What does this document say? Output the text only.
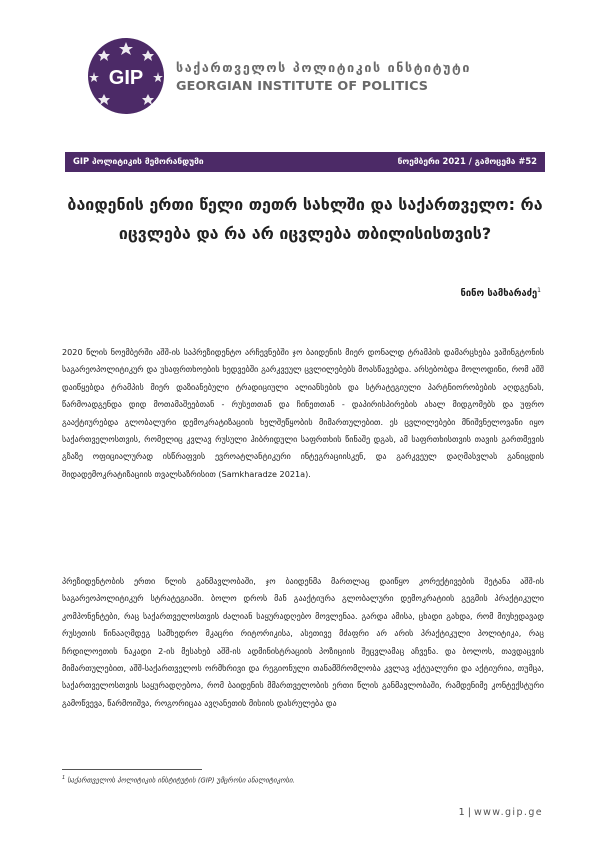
GIP	საქართველოს პოლიტიკის ინსტიტუტი
GEORGIAN INSTITUTE OF POLITICS
GIP პოლიტიკის მემორანდუმი	ნოემბერი 2021 / გამოცემა #52
ბაიდენის ერთი წელი თეთრ სახლში და საქართველო: რა იცვლება და რა არ იცვლება თბილისისთვის?
ნინო სამხარაძე$^1$
2020 წლის ნოემბერში აშშ-ის საპრეზიდენტო არჩევნებში ჯო ბაიდენის მიერ დონალდ ტრამპის დამარცხება ვაშინგტონის საგარეოპოლიტიკურ და უსაფრთხოების ხედვებში გარკვეულ ცვლილებებს მოასწავებდა. არსებობდა მოლოდინი, რომ აშშ დაიწყებდა ტრამპის მიერ დაზიანებული ტრადიციული ალიანსების და სტრატეგიული პარტნიორობების აღდგენას, წარმოადგენდა დიდ მოთამაშეებთან - რუსეთთან და ჩინეთთან - დაპირისპირების ახალ მიდგომებს და უფრო გააქტიურებდა გლობალური დემოკრატიზაციის ხელშეწყობის მიმართულებით. ეს ცვლილებები მნიშვნელოვანი იყო საქართველოსთვის, რომელიც კვლავ რუსული ჰიბრიდული საფრთხის წინაშე დგას, ამ საფრთხისთვის თავის გართმევის გზაზე ოფიციალურად ისწრაფვის ევროატლანტიკური ინტეგრაციისკენ, და გარკვეულ დაღმასვლას განიცდის შიდადემოკრატიზაციის თვალსაზრისით (Samkharadze 2021a).
პრეზიდენტობის ერთი წლის განმავლობაში, ჯო ბაიდენმა მართლაც დაიწყო კორექტივების შეტანა აშშ-ის საგარეოპოლიტიკურ სტრატეგიაში. ბოლო დროს მან გააქტიურა გლობალური დემოკრატიის გეგმის პრაქტიკული კომპონენტები, რაც საქართველოსთვის ძალიან საყურადღებო მოვლენაა. გარდა ამისა, ცხადი გახდა, რომ მიუხედავად რუსეთის წინააღმდეგ სამხედრო მკაცრი რიტორიკისა, ასეთივე მძაფრი არ არის პრაქტიკული პოლიტიკა, რაც ჩრდილოეთის ნაკადი 2-ის მესახებ აშშ-ის ადმინისტრაციის პოზიციის შეცვლამაც აჩვენა. და ბოლოს, თავდაცვის მიმართულებით, აშშ-საქართველოს ორმხრივი და რეგიონული თანამშრომლობა კვლავ აქტუალური და აქტიურია, თუმცა, საქართველოსთვის საყურადღებოა, რომ ბაიდენის მმართველობის ერთი წლის განმავლობაში, რამდენიმე კონტექსტური გამოწვევა, წარმოიშვა, როგორიცაა ავღანეთის მისიის დასრულება და
$^1$ საქართველოს პოლიტიკის ინსტიტუტის (GIP) უმცროსი ანალიტიკოსი.
1 | www.gip.ge
